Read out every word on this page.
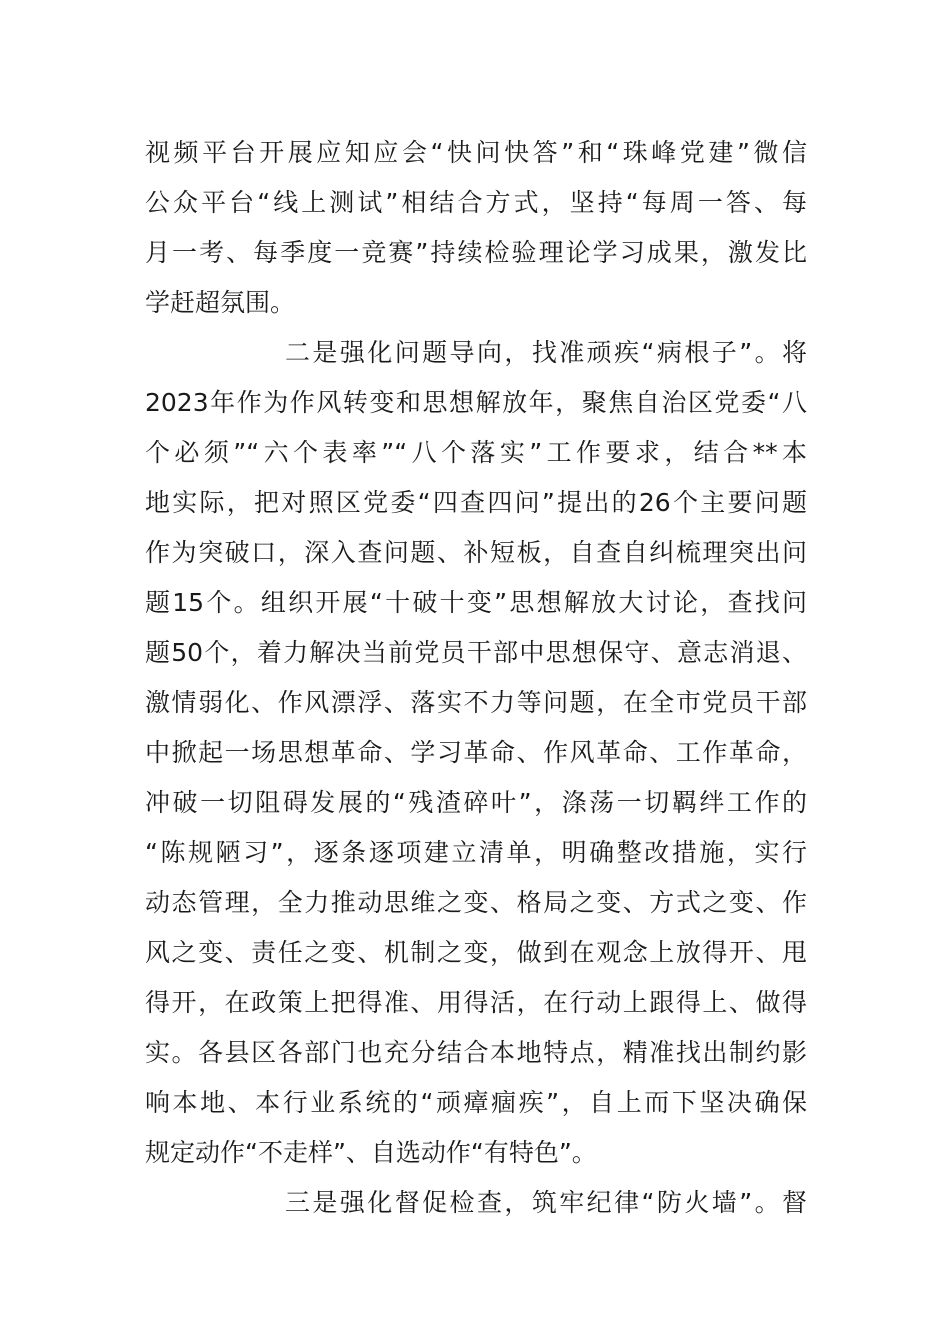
视频平台开展应知应会“快问快答”和“珠峰党建”微信
公众平台“线上测试”相结合方式，坚持“每周一答、每
月一考、每季度一竞赛”持续检验理论学习成果，激发比
学赶超氛围。
二是强化问题导向，找准顽疾“病根子”。将
2023年作为作风转变和思想解放年，聚焦自治区党委“八
个必须”“六个表率”“八个落实”工作要求，结合**本
地实际，把对照区党委“四查四问”提出的26个主要问题
作为突破口，深入查问题、补短板，自查自纠梳理突出问
题15个。组织开展“十破十变”思想解放大讨论，查找问
题50个，着力解决当前党员干部中思想保守、意志消退、
激情弱化、作风漂浮、落实不力等问题，在全市党员干部
中掀起一场思想革命、学习革命、作风革命、工作革命，
冲破一切阻碍发展的“残渣碎叶”，涤荡一切羁绊工作的
“陈规陋习”，逐条逐项建立清单，明确整改措施，实行
动态管理，全力推动思维之变、格局之变、方式之变、作
风之变、责任之变、机制之变，做到在观念上放得开、甩
得开，在政策上把得准、用得活，在行动上跟得上、做得
实。各县区各部门也充分结合本地特点，精准找出制约影
响本地、本行业系统的“顽瘴痼疾”，自上而下坚决确保
规定动作“不走样”、自选动作“有特色”。
三是强化督促检查，筑牢纪律“防火墙”。督
